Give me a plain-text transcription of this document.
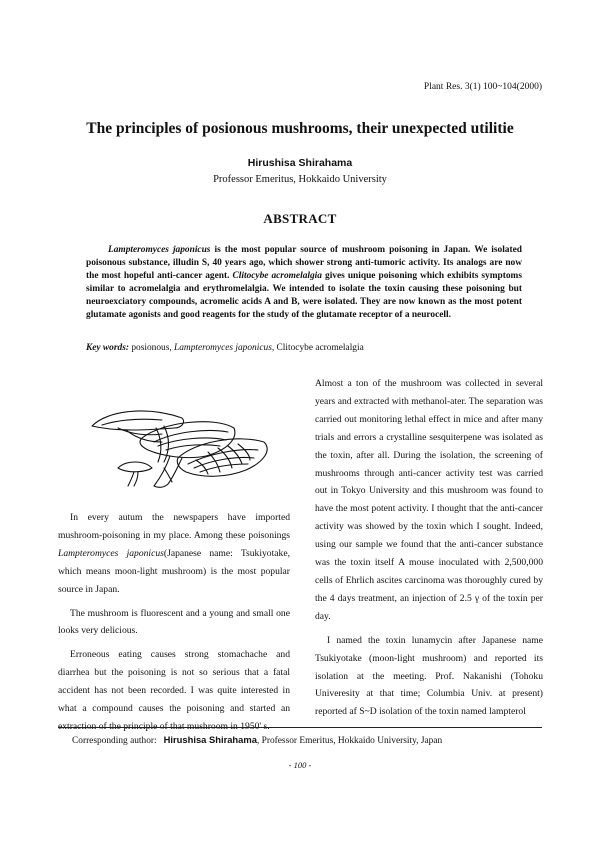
Plant Res. 3(1) 100~104(2000)
The principles of posionous mushrooms, their unexpected utilitie
Hirushisa Shirahama
Professor Emeritus, Hokkaido University
ABSTRACT

Lampteromyces japonicus is the most popular source of mushroom poisoning in Japan. We isolated poisonous substance, illudin S, 40 years ago, which shower strong anti-tumoric activity. Its analogs are now the most hopeful anti-cancer agent. Clitocybe acromelalgia gives unique poisoning which exhibits symptoms similar to acromelalgia and erythromelalgia. We intended to isolate the toxin causing these poisoning but neuroexciatory compounds, acromelic acids A and B, were isolated. They are now known as the most potent glutamate agonists and good reagents for the study of the glutamate receptor of a neurocell.

Key words: posionous, Lampteromyces japonicus, Clitocybe acromelalgia

In every autum the newspapers have imported mushroom-poisoning in my place. Among these poisonings Lampteromyces japonicus(Japanese name: Tsukiyotake, which means moon-light mushroom) is the most popular source in Japan.

The mushroom is fluorescent and a young and small one looks very delicious.

Erroneous eating causes strong stomachache and diarrhea but the poisoning is not so serious that a fatal accident has not been recorded. I was quite interested in what a compound causes the poisoning and started an extraction of the principle of that mushroom in 1950' s.

Almost a ton of the mushroom was collected in several years and extracted with methanol-ater. The separation was carried out monitoring lethal effect in mice and after many trials and errors a crystalline sesquiterpene was isolated as the toxin, after all. During the isolation, the screening of mushrooms through anti-cancer activity test was carried out in Tokyo University and this mushroom was found to have the most potent activity. I thought that the anti-cancer activity was showed by the toxin which I sought. Indeed, using our sample we found that the anti-cancer substance was the toxin itself A mouse inoculated with 2,500,000 cells of Ehrlich ascites carcinoma was thoroughly cured by the 4 days treatment, an injection of 2.5 γ of the toxin per day.

I named the toxin lunamycin after Japanese name Tsukiyotake (moon-light mushroom) and reported its isolation at the meeting. Prof. Nakanishi (Tohoku Univeresity at that time; Columbia Univ. at present) reported af S~D isolation of the toxin named lampterol

Corresponding author: Hirushisa Shirahama, Professor Emeritus, Hokkaido University, Japan
- 100 -
